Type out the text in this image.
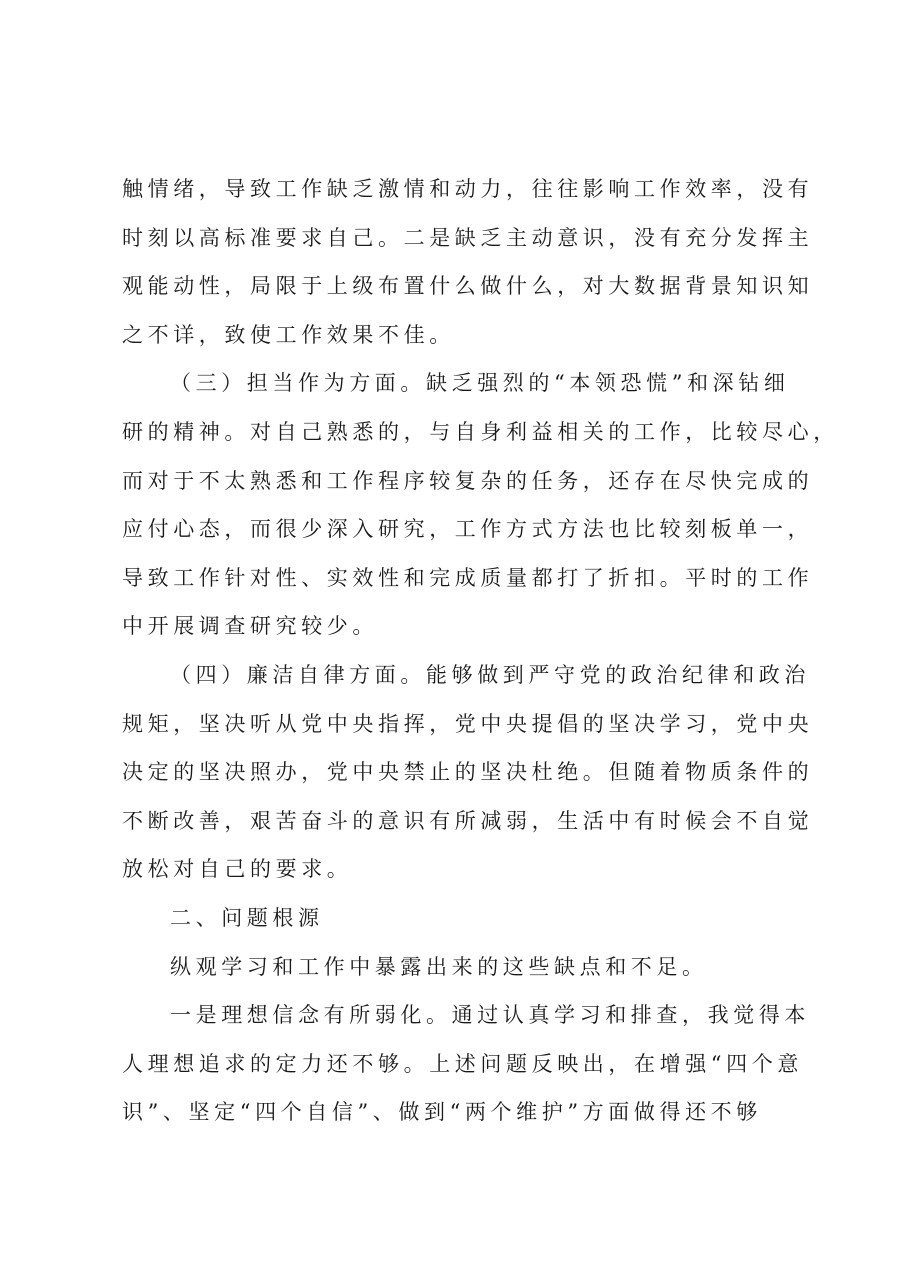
触情绪，导致工作缺乏激情和动力，往往影响工作效率，没有
时刻以高标准要求自己。二是缺乏主动意识，没有充分发挥主
观能动性，局限于上级布置什么做什么，对大数据背景知识知
之不详，致使工作效果不佳。
（三）担当作为方面。缺乏强烈的“本领恐慌”和深钻细
研的精神。对自己熟悉的，与自身利益相关的工作，比较尽心，
而对于不太熟悉和工作程序较复杂的任务，还存在尽快完成的
应付心态，而很少深入研究，工作方式方法也比较刻板单一，
导致工作针对性、实效性和完成质量都打了折扣。平时的工作
中开展调查研究较少。
（四）廉洁自律方面。能够做到严守党的政治纪律和政治
规矩，坚决听从党中央指挥，党中央提倡的坚决学习，党中央
决定的坚决照办，党中央禁止的坚决杜绝。但随着物质条件的
不断改善，艰苦奋斗的意识有所减弱，生活中有时候会不自觉
放松对自己的要求。
二、问题根源
纵观学习和工作中暴露出来的这些缺点和不足。
一是理想信念有所弱化。通过认真学习和排查，我觉得本
人理想追求的定力还不够。上述问题反映出，在增强“四个意
识”、坚定“四个自信”、做到“两个维护”方面做得还不够
